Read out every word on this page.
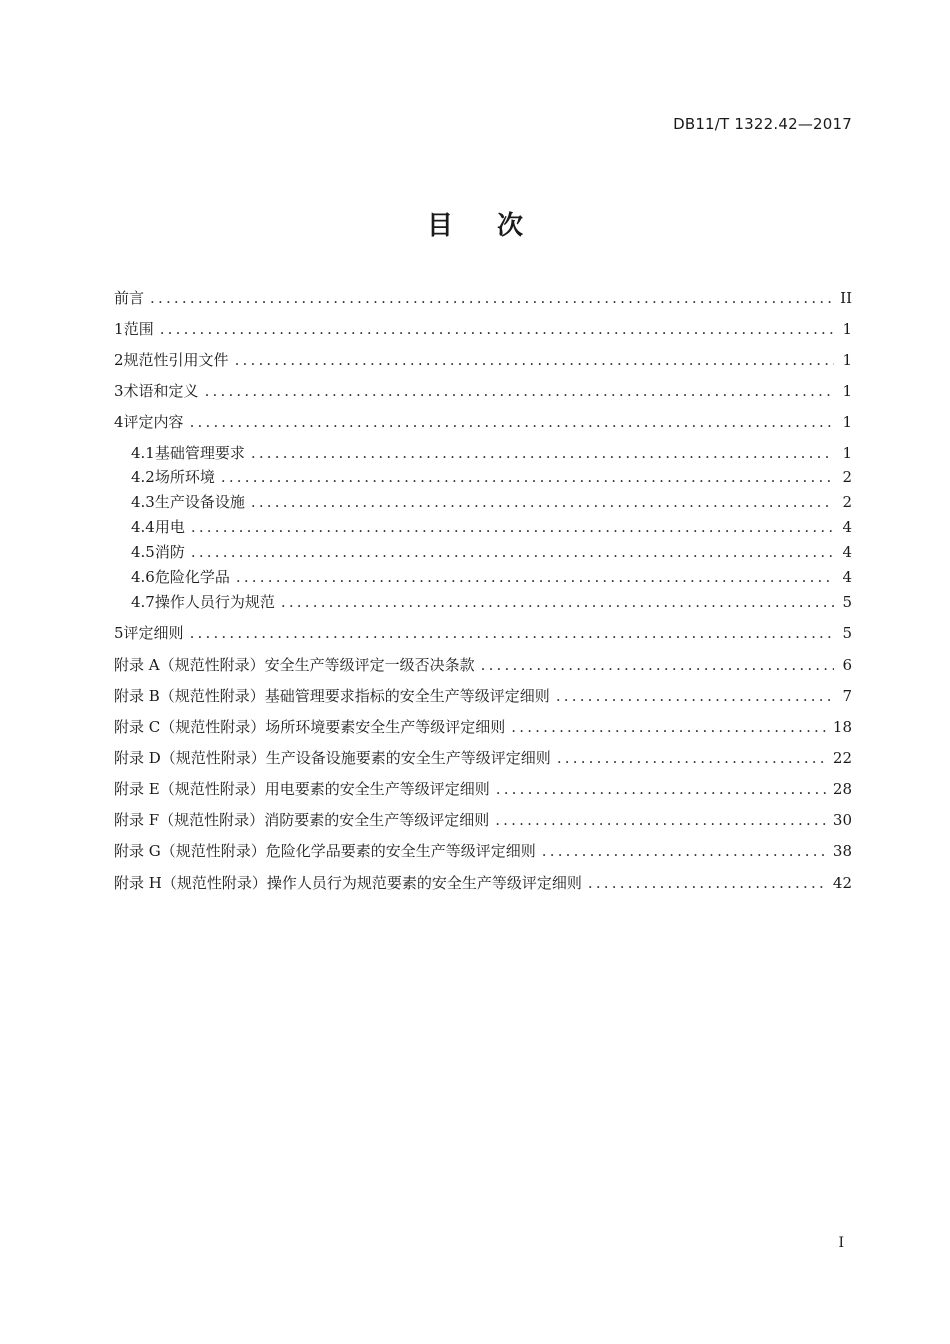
DB11/T 1322.42—2017
目 次
前言 .....	II
1 范围 .....	1
2 规范性引用文件 .....	1
3 术语和定义 .....	1
4 评定内容 .....	1
4.1 基础管理要求 .....	1
4.2 场所环境 .....	2
4.3 生产设备设施 .....	2
4.4 用电 .....	4
4.5 消防 .....	4
4.6 危险化学品 .....	4
4.7 操作人员行为规范 .....	5
5 评定细则 .....	5
附录 A（规范性附录） 安全生产等级评定一级否决条款 .....	6
附录 B（规范性附录） 基础管理要求指标的安全生产等级评定细则 .....	7
附录 C（规范性附录） 场所环境要素安全生产等级评定细则 .....	18
附录 D（规范性附录） 生产设备设施要素的安全生产等级评定细则 .....	22
附录 E（规范性附录） 用电要素的安全生产等级评定细则 .....	28
附录 F（规范性附录） 消防要素的安全生产等级评定细则 .....	30
附录 G（规范性附录） 危险化学品要素的安全生产等级评定细则 .....	38
附录 H（规范性附录） 操作人员行为规范要素的安全生产等级评定细则 .....	42
I
